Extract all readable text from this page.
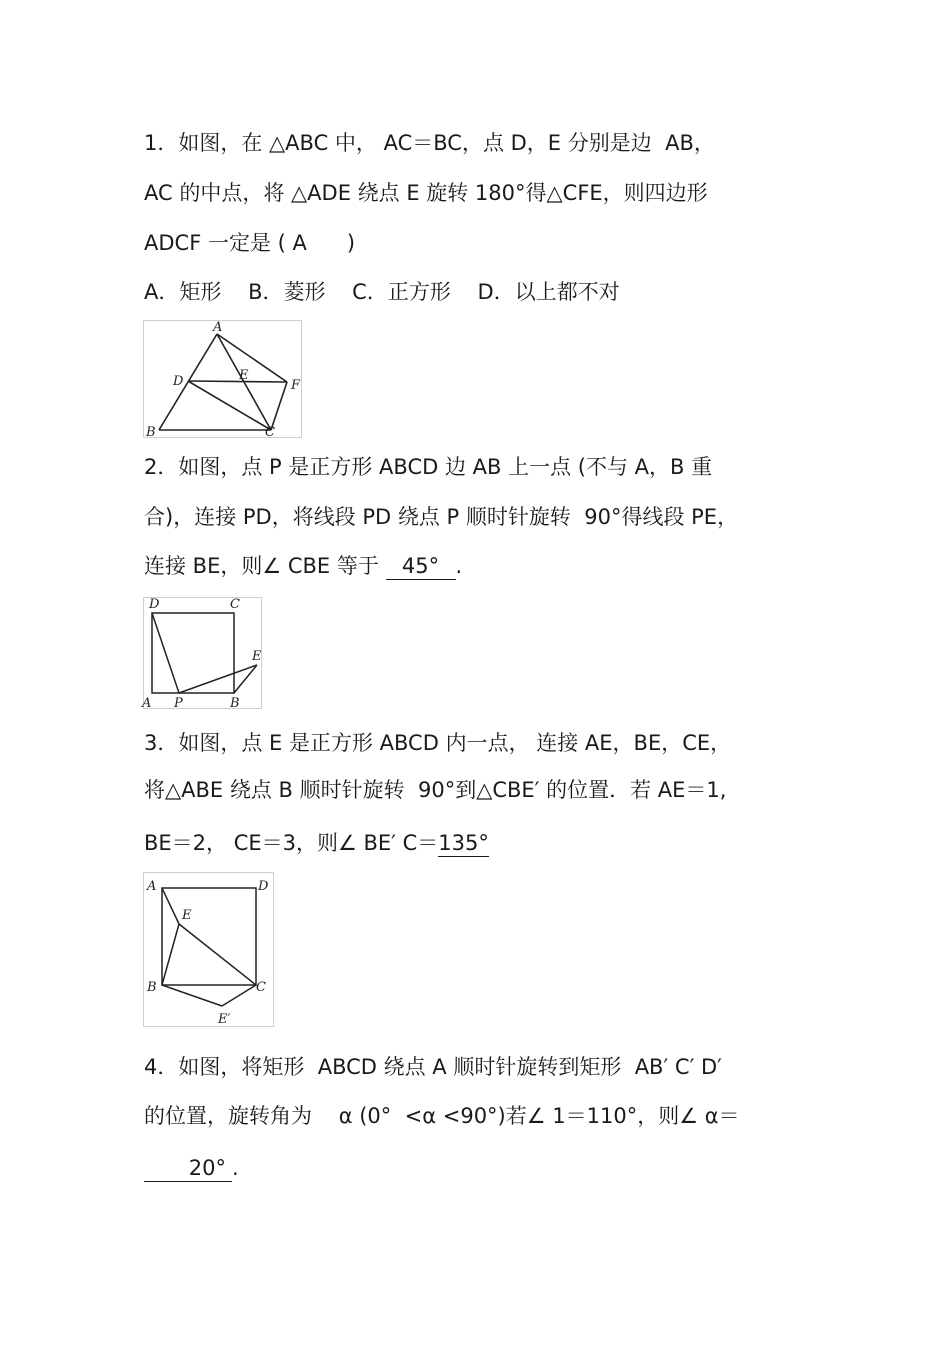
1．如图，在 △ABC 中， AC＝BC，点 D，E 分别是边  AB，
AC 的中点，将 △ADE 绕点 E 旋转 180°得△CFE，则四边形
ADCF 一定是 ( A      )
A．矩形    B．菱形    C．正方形    D．以上都不对
A
D	E
F
B	C
2．如图，点 P 是正方形 ABCD 边 AB 上一点 (不与 A，B 重
合)，连接 PD，将线段 PD 绕点 P 顺时针旋转  90°得线段 PE，
连接 BE，则∠ CBE 等于 45° .
D	C
E
A P	B
3．如图，点 E 是正方形 ABCD 内一点， 连接 AE，BE，CE，
将△ABE 绕点 B 顺时针旋转  90°到△CBE′ 的位置．若 AE＝1,
BE＝2， CE＝3，则∠ BE′ C＝135°
A	D
E
B	C
E′
4．如图，将矩形  ABCD 绕点 A 顺时针旋转到矩形  AB′ C′ D′
的位置，旋转角为    α (0°  <α <90°)若∠ 1＝110°，则∠ α＝
20° .
